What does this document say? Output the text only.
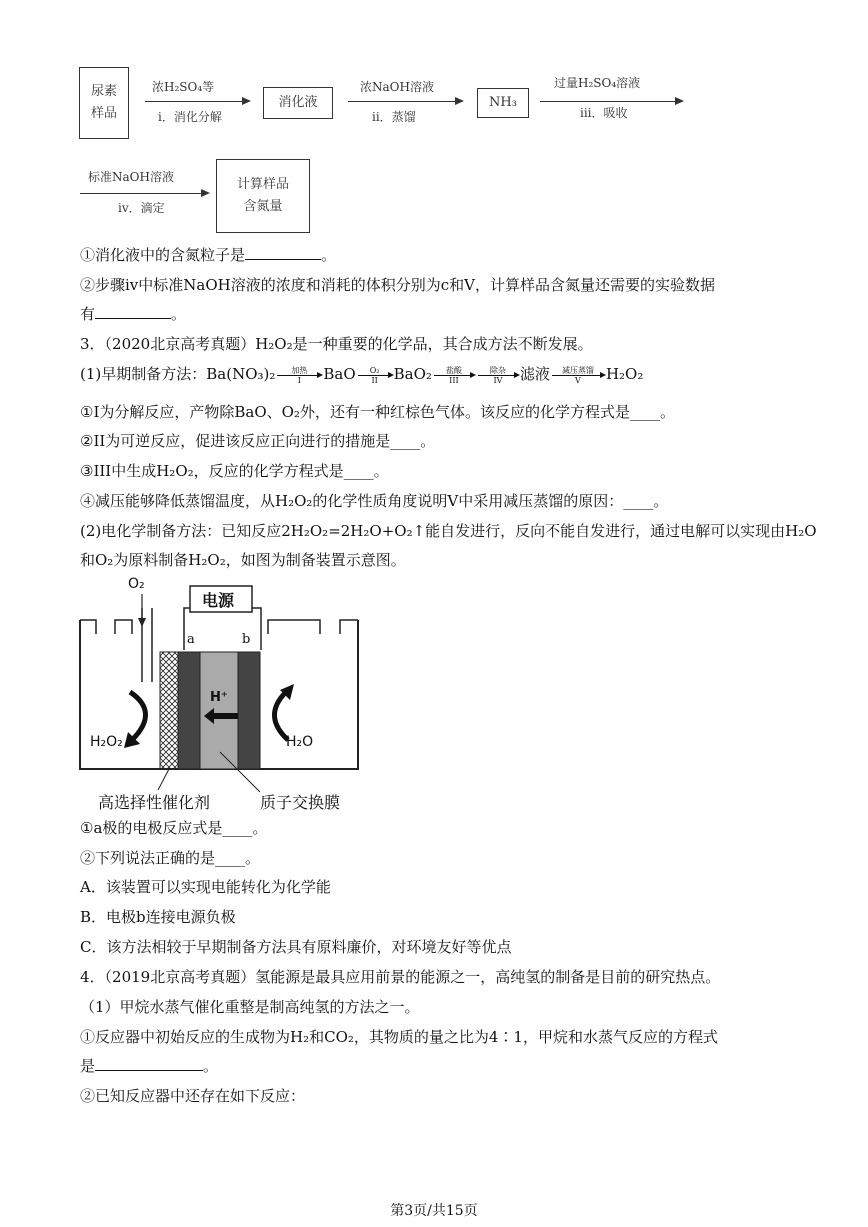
尿素
样品
浓H₂SO₄等
i．消化分解
消化液
浓NaOH溶液
ii．蒸馏
NH₃
过量H₂SO₄溶液
iii．吸收
标准NaOH溶液
iv．滴定
计算样品
含氮量
①消化液中的含氮粒子是	。
②步骤iv中标准NaOH溶液的浓度和消耗的体积分别为c和V，计算样品含氮量还需要的实验数据
有	。
3．（2020北京高考真题）H₂O₂是一种重要的化学品，其合成方法不断发展。
(1)早期制备方法：Ba(NO₃)₂	加热
I	BaO $\frac{\text{O₂}}{II} BaO_2$	盐酸
III
除杂
IV	滤液	减压蒸馏
V	H₂O₂
①I为分解反应，产物除BaO、O₂外，还有一种红棕色气体。该反应的化学方程式是____。
②II为可逆反应，促进该反应正向进行的措施是____。
③III中生成H₂O₂，反应的化学方程式是____。
④减压能够降低蒸馏温度，从H₂O₂的化学性质角度说明V中采用减压蒸馏的原因：____。
(2)电化学制备方法：已知反应2H₂O₂=2H₂O+O₂↑能自发进行，反向不能自发进行，通过电解可以实现由H₂O
和O₂为原料制备H₂O₂，如图为制备装置示意图。
O₂
电源
a	b
H⁺
H₂O₂	H₂O
高选择性催化剂	质子交换膜
①a极的电极反应式是____。
②下列说法正确的是____。
A．该装置可以实现电能转化为化学能
B．电极b连接电源负极
C．该方法相较于早期制备方法具有原料廉价，对环境友好等优点
4．（2019北京高考真题）氢能源是最具应用前景的能源之一，高纯氢的制备是目前的研究热点。
（1）甲烷水蒸气催化重整是制高纯氢的方法之一。
①反应器中初始反应的生成物为H₂和CO₂，其物质的量之比为4∶1，甲烷和水蒸气反应的方程式
是	。
②已知反应器中还存在如下反应：
第3页/共15页
